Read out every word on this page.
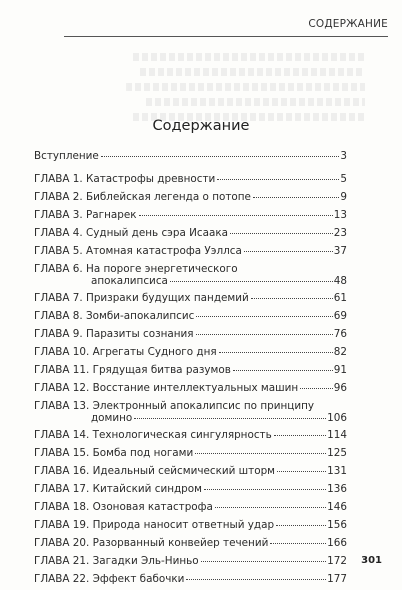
СОДЕРЖАНИЕ
Содержание
Вступление	3
ГЛАВА 1. Катастрофы древности	5
ГЛАВА 2. Библейская легенда о потопе	9
ГЛАВА 3. Рагнарек	13
ГЛАВА 4. Судный день сэра Исаака	23
ГЛАВА 5. Атомная катастрофа Уэллса	37
ГЛАВА 6. На пороге энергетического
апокалипсиса	48
ГЛАВА 7. Призраки будущих пандемий	61
ГЛАВА 8. Зомби-апокалипсис	69
ГЛАВА 9. Паразиты сознания	76
ГЛАВА 10. Агрегаты Судного дня	82
ГЛАВА 11. Грядущая битва разумов	91
ГЛАВА 12. Восстание интеллектуальных машин	96
ГЛАВА 13. Электронный апокалипсис по принципу
домино	106
ГЛАВА 14. Технологическая сингулярность	114
ГЛАВА 15. Бомба под ногами	125
ГЛАВА 16. Идеальный сейсмический шторм	131
ГЛАВА 17. Китайский синдром	136
ГЛАВА 18. Озоновая катастрофа	146
ГЛАВА 19. Природа наносит ответный удар	156
ГЛАВА 20. Разорванный конвейер течений	166
ГЛАВА 21. Загадки Эль-Ниньо	172
ГЛАВА 22. Эффект бабочки	177
301
